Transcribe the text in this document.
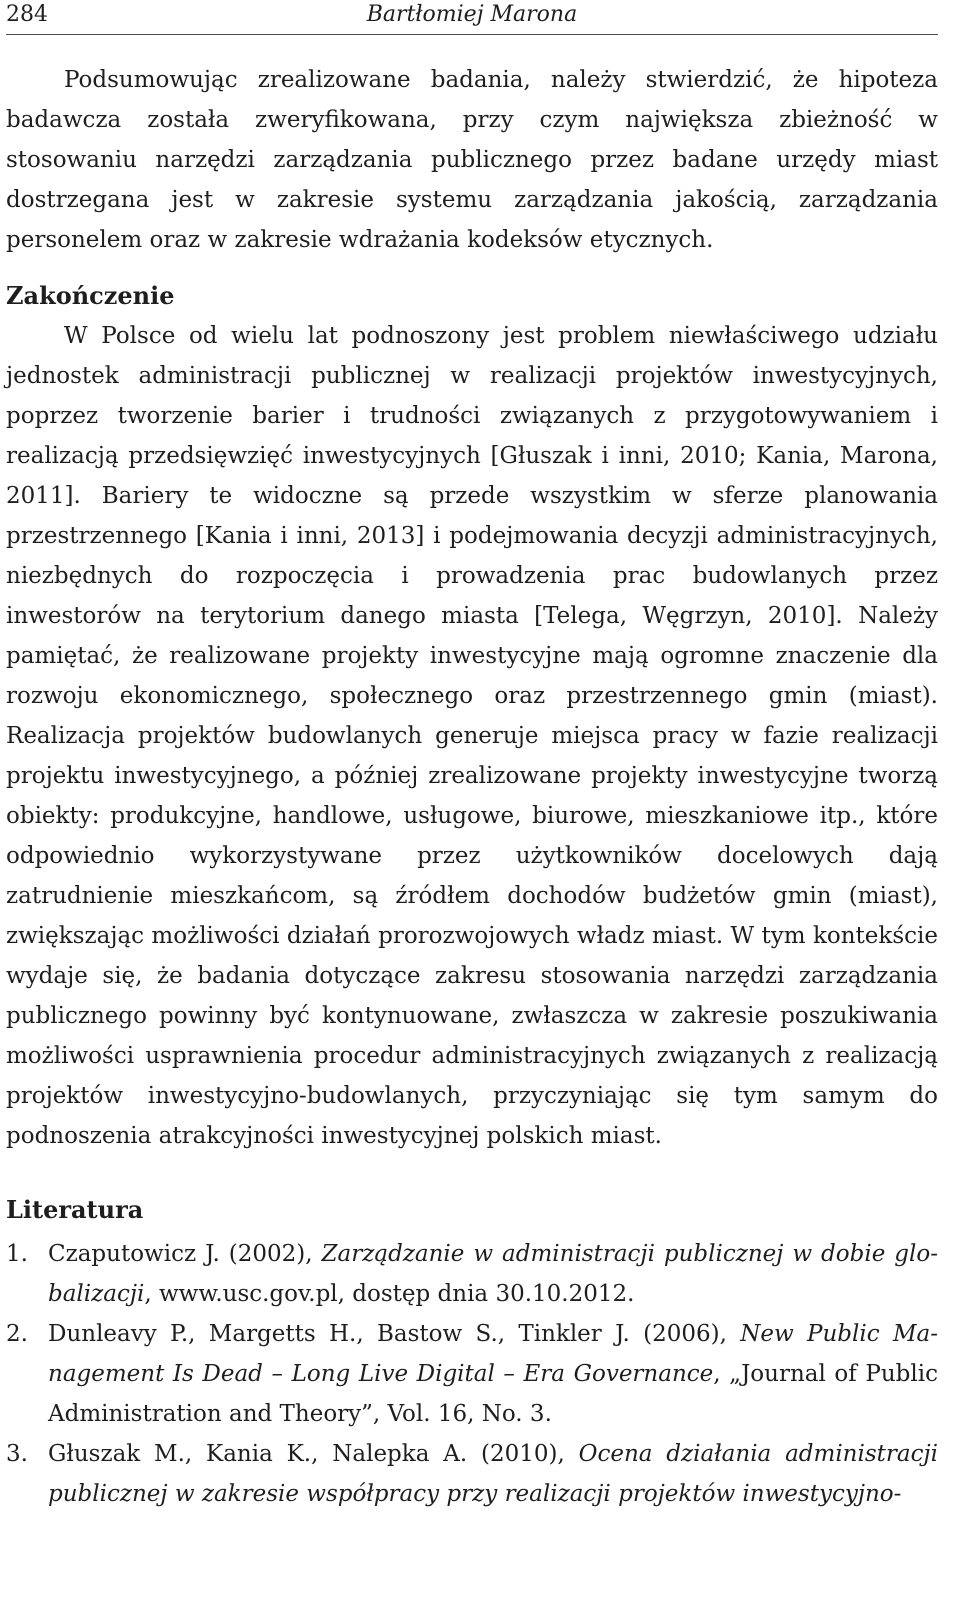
284	Bartłomiej Marona

Podsumowując zrealizowane badania, należy stwierdzić, że hipoteza badawcza została zweryfikowana, przy czym największa zbieżność w stosowaniu narzędzi zarządzania publicznego przez badane urzędy miast dostrzegana jest w zakresie systemu zarządzania jakością, zarządzania personelem oraz w zakresie wdrażania kodeksów etycznych.

Zakończenie

W Polsce od wielu lat podnoszony jest problem niewłaściwego udziału jednostek administracji publicznej w realizacji projektów inwestycyjnych, poprzez tworzenie barier i trudności związanych z przygotowywaniem i realizacją przedsięwzięć inwestycyjnych [Głuszak i inni, 2010; Kania, Marona, 2011]. Bariery te widoczne są przede wszystkim w sferze planowania przestrzennego [Kania i inni, 2013] i podejmowania decyzji administracyjnych, niezbędnych do rozpoczęcia i prowadzenia prac budowlanych przez inwestorów na terytorium danego miasta [Telega, Węgrzyn, 2010]. Należy pamiętać, że realizowane projekty inwestycyjne mają ogromne znaczenie dla rozwoju ekonomicznego, społecznego oraz przestrzennego gmin (miast). Realizacja projektów budowlanych generuje miejsca pracy w fazie realizacji projektu inwestycyjnego, a później zrealizowane projekty inwestycyjne tworzą obiekty: produkcyjne, handlowe, usługowe, biurowe, mieszkaniowe itp., które odpowiednio wykorzystywane przez użytkowników docelowych dają zatrudnienie mieszkańcom, są źródłem dochodów budżetów gmin (miast), zwiększając możliwości działań prorozwojowych władz miast. W tym kontekście wydaje się, że badania dotyczące zakresu stosowania narzędzi zarządzania publicznego powinny być kontynuowane, zwłaszcza w zakresie poszukiwania możliwości usprawnienia procedur administracyjnych związanych z realizacją projektów inwestycyjno-budowlanych, przyczyniając się tym samym do podnoszenia atrakcyjności inwestycyjnej polskich miast.

Literatura
1. Czaputowicz J. (2002), Zarządzanie w administracji publicznej w dobie globalizacji, www.usc.gov.pl, dostęp dnia 30.10.2012.
2. Dunleavy P., Margetts H., Bastow S., Tinkler J. (2006), New Public Management Is Dead – Long Live Digital – Era Governance, „Journal of Public Administration and Theory”, Vol. 16, No. 3.
3. Głuszak M., Kania K., Nalepka A. (2010), Ocena działania administracji publicznej w zakresie współpracy przy realizacji projektów inwestycyjno-
